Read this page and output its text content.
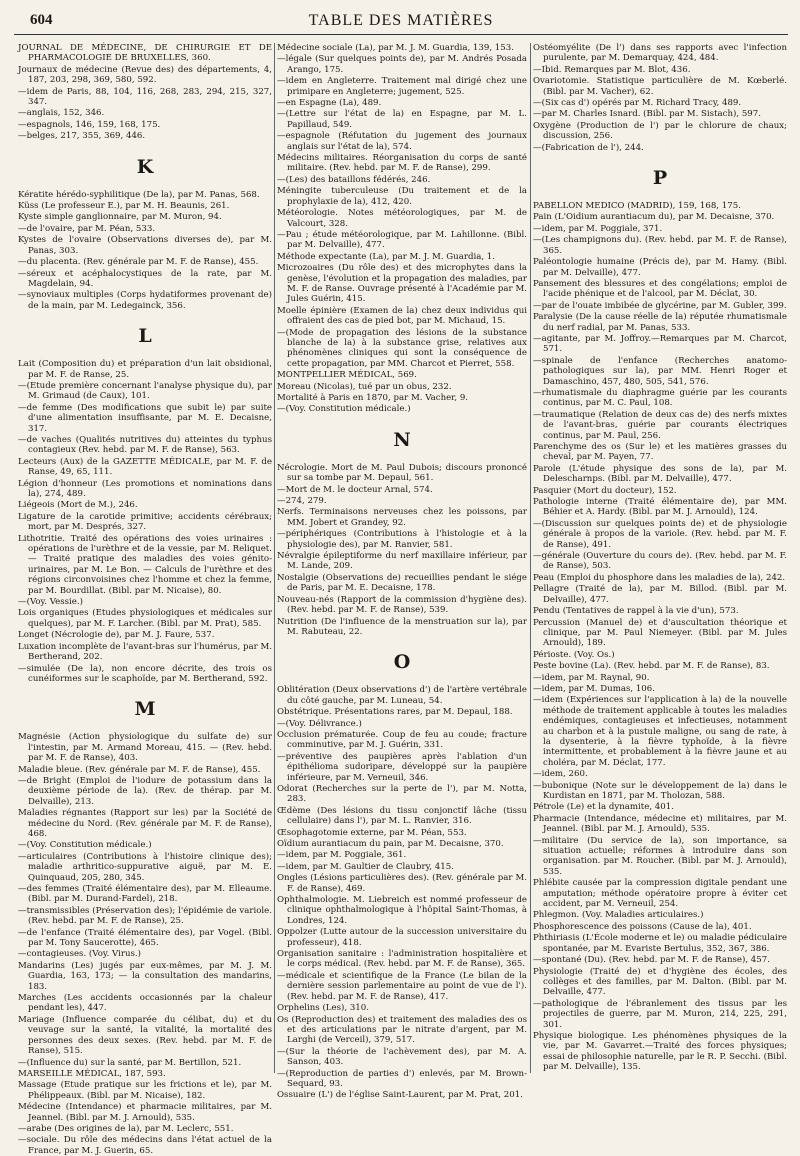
604	TABLE DES MATIÈRES
JOURNAL DE MÉDECINE, DE CHIRURGIE ET DE PHARMACOLOGIE DE BRUXELLES, 360.
Journaux de médecine (Revue des) des départements, 4, 187, 203, 298, 369, 580, 592.
—idem de Paris, 88, 104, 116, 268, 283, 294, 215, 327, 347.
—anglais, 152, 346.
—espagnols, 146, 159, 168, 175.
—belges, 217, 355, 369, 446.
K
Kératite hérédo-syphilitique (De la), par M. Panas, 568.
Küss (Le professeur E.), par M. H. Beaunis, 261.
Kyste simple ganglionnaire, par M. Muron, 94.
—de l'ovaire, par M. Péan, 533.
Kystes de l'ovaire (Observations diverses de), par M. Panas, 303.
—du placenta. (Rev. générale par M. F. de Ranse), 455.
—séreux et acéphalocystiques de la rate, par M. Magdelain, 94.
—synoviaux multiples (Corps hydatiformes provenant de) de la main, par M. Ledegainck, 356.
L
Lait (Composition du) et préparation d'un lait obsidional, par M. F. de Ranse, 25.
—(Etude première concernant l'analyse physique du), par M. Grimaud (de Caux), 101.
—de femme (Des modifications que subit le) par suite d'une alimentation insuffisante, par M. E. Decaisne, 317.
—de vaches (Qualités nutritives du) atteintes du typhus contagieux (Rev. hebd. par M. F. de Ranse), 563.
Lecteurs (Aux) de la GAZETTE MÉDICALE, par M. F. de Ranse, 49, 65, 111.
Légion d'honneur (Les promotions et nominations dans la), 274, 489.
Liégeois (Mort de M.), 246.
Ligature de la carotide primitive; accidents cérébraux; mort, par M. Després, 327.
Lithotritie. Traité des opérations des voies urinaires : opérations de l'urèthre et de la vessie, par M. Reliquet. — Traité pratique des maladies des voies génito-urinaires, par M. Le Bon. — Calculs de l'urèthre et des régions circonvoisines chez l'homme et chez la femme, par M. Bourdillat. (Bibl. par M. Nicaise), 80.
—(Voy. Vessie.)
Lois organiques (Etudes physiologiques et médicales sur quelques), par M. F. Larcher. (Bibl. par M. Prat), 585.
Longet (Nécrologie de), par M. J. Faure, 537.
Luxation incomplète de l'avant-bras sur l'humérus, par M. Bertherand, 202.
—simulée (De la), non encore décrite, des trois os cunéiformes sur le scaphoïde, par M. Bertherand, 592.
M
Magnésie (Action physiologique du sulfate de) sur l'intestin, par M. Armand Moreau, 415. — (Rev. hebd. par M. F. de Ranse), 403.
Maladie bleue. (Rev. générale par M. F. de Ranse), 455.
—de Bright (Emploi de l'iodure de potassium dans la deuxième période de la). (Rev. de thérap. par M. Delvaille), 213.
Maladies régnantes (Rapport sur les) par la Société de médecine du Nord. (Rev. générale par M. F. de Ranse), 468.
—(Voy. Constitution médicale.)
—articulaires (Contributions à l'histoire clinique des); maladie arthritico-suppurative aiguë, par M. E. Quinquaud, 205, 280, 345.
—des femmes (Traité élémentaire des), par M. Elleaume. (Bibl. par M. Durand-Fardel), 218.
—transmissibles (Préservation des); l'épidémie de variole. (Rev. hebd. par M. F. de Ranse), 25.
—de l'enfance (Traité élémentaire des), par Vogel. (Bibl. par M. Tony Saucerotte), 465.
—contagieuses. (Voy. Virus.)
Mandarins (Les) jugés par eux-mêmes, par M. J. M. Guardia, 163, 173; — la consultation des mandarins, 183.
Marches (Les accidents occasionnés par la chaleur pendant les), 447.
Mariage (Influence comparée du célibat, du) et du veuvage sur la santé, la vitalité, la mortalité des personnes des deux sexes. (Rev. hebd. par M. F. de Ranse), 515.
—(Influence du) sur la santé, par M. Bertillon, 521.
MARSEILLE MÉDICAL, 187, 593.
Massage (Etude pratique sur les frictions et le), par M. Phélippeaux. (Bibl. par M. Nicaise), 182.
Médecine (Intendance) et pharmacie militaires, par M. Jeannel. (Bibl. par M. J. Arnould), 535.
—arabe (Des origines de la), par M. Leclerc, 551.
—sociale. Du rôle des médecins dans l'état actuel de la France, par M. J. Guerin, 65.
Médecine sociale (La), par M. J. M. Guardia, 139, 153.
—légale (Sur quelques points de), par M. Andrés Posada Arango, 175.
—idem en Angleterre. Traitement mal dirigé chez une primipare en Angleterre; jugement, 525.
—en Espagne (La), 489.
—(Lettre sur l'état de la) en Espagne, par M. L. Papillaud, 549.
—espagnole (Réfutation du jugement des journaux anglais sur l'état de la), 574.
Médecins militaires. Réorganisation du corps de santé militaire. (Rev. hebd. par M. F. de Ranse), 299.
—(Les) des bataillons fédérés, 246.
Méningite tuberculeuse (Du traitement et de la prophylaxie de la), 412, 420.
Météorologie. Notes météorologiques, par M. de Valcourt, 328.
—Pau ; étude météorologique, par M. Lahillonne. (Bibl. par M. Delvaille), 477.
Méthode expectante (La), par M. J. M. Guardia, 1.
Microzoaires (Du rôle des) et des microphytes dans la genèse, l'évolution et la propagation des maladies, par M. F. de Ranse. Ouvrage présenté à l'Académie par M. Jules Guérin, 415.
Moelle épinière (Examen de la) chez deux individus qui offraient des cas de pied bot, par M. Michaud, 15.
—(Mode de propagation des lésions de la substance blanche de la) à la substance grise, relatives aux phénomènes cliniques qui sont la conséquence de cette propagation, par MM. Charcot et Pierret, 558.
MONTPELLIER MÉDICAL, 569.
Moreau (Nicolas), tué par un obus, 232.
Mortalité à Paris en 1870, par M. Vacher, 9.
—(Voy. Constitution médicale.)
N
Nécrologie. Mort de M. Paul Dubois; discours prononcé sur sa tombe par M. Depaul, 561.
—Mort de M. le docteur Arnal, 574.
—274, 279.
Nerfs. Terminaisons nerveuses chez les poissons, par MM. Jobert et Grandey, 92.
—périphériques (Contributions à l'histologie et à la physiologie des), par M. Ranvier, 581.
Névralgie épileptiforme du nerf maxillaire inférieur, par M. Lande, 209.
Nostalgie (Observations de) recueillies pendant le siége de Paris, par M. E. Decaisne, 178.
Nouveau-nés (Rapport de la commission d'hygiène des). (Rev. hebd. par M. F. de Ranse), 539.
Nutrition (De l'influence de la menstruation sur la), par M. Rabuteau, 22.
O
Oblitération (Deux observations d') de l'artère vertébrale du côté gauche, par M. Luneau, 54.
Obstétrique. Présentations rares, par M. Depaul, 188.
—(Voy. Délivrance.)
Occlusion prématurée. Coup de feu au coude; fracture comminutive, par M. J. Guérin, 331.
—préventive des paupières après l'ablation d'un épithélioma sudoripare, développé sur la paupière inférieure, par M. Verneuil, 346.
Odorat (Recherches sur la perte de l'), par M. Notta, 283.
Œdème (Des lésions du tissu conjonctif lâche (tissu cellulaire) dans l'), par M. L. Ranvier, 316.
Œsophagotomie externe, par M. Péan, 553.
Oïdium aurantiacum du pain, par M. Decaisne, 370.
—idem, par M. Poggiale, 361.
—idem, par M. Gaultier de Claubry, 415.
Ongles (Lésions particulières des). (Rev. générale par M. F. de Ranse), 469.
Ophthalmologie. M. Liebreich est nommé professeur de clinique ophthalmologique à l'hôpital Saint-Thomas, à Londres, 124.
Oppolzer (Lutte autour de la succession universitaire du professeur), 418.
Organisation sanitaire : l'administration hospitalière et le corps médical. (Rev. hebd. par M. F. de Ranse), 365.
—médicale et scientifique de la France (Le bilan de la dernière session parlementaire au point de vue de l'). (Rev. hebd. par M. F. de Ranse), 417.
Orphelins (Les), 310.
Os (Reproduction des) et traitement des maladies des os et des articulations par le nitrate d'argent, par M. Larghi (de Verceil), 379, 517.
—(Sur la théorie de l'achèvement des), par M. A. Sanson, 403.
—(Reproduction de parties d') enlevés, par M. Brown-Sequard, 93.
Ossuaire (L') de l'église Saint-Laurent, par M. Prat, 201.
Ostéomyélite (De l') dans ses rapports avec l'infection purulente, par M. Demarquay, 424, 484.
—Ibid. Remarques par M. Blot, 436.
Ovariotomie. Statistique particulière de M. Kœberlé. (Bibl. par M. Vacher), 62.
—(Six cas d') opérés par M. Richard Tracy, 489.
—par M. Charles Isnard. (Bibl. par M. Sistach), 597.
Oxygène (Production de l') par le chlorure de chaux; discussion, 256.
—(Fabrication de l'), 244.
P
PABELLON MEDICO (MADRID), 159, 168, 175.
Pain (L'Oidium aurantiacum du), par M. Decaisne, 370.
—idem, par M. Poggiale, 371.
—(Les champignons du). (Rev. hebd. par M. F. de Ranse), 365.
Paléontologie humaine (Précis de), par M. Hamy. (Bibl. par M. Delvaille), 477.
Pansement des blessures et des congélations; emploi de l'acide phénique et de l'alcool, par M. Déclat, 30.
—par de l'ouate imbibée de glycérine, par M. Gubler, 399.
Paralysie (De la cause réelle de la) réputée rhumatismale du nerf radial, par M. Panas, 533.
—agitante, par M. Joffroy.—Remarques par M. Charcot, 571.
—spinale de l'enfance (Recherches anatomo-pathologiques sur la), par MM. Henri Roger et Damaschino, 457, 480, 505, 541, 576.
—rhumatismale du diaphragme guérie par les courants continus, par M. C. Paul, 108.
—traumatique (Relation de deux cas de) des nerfs mixtes de l'avant-bras, guérie par courants électriques continus, par M. Paul, 256.
Parenchyme des os (Sur le) et les matières grasses du cheval, par M. Payen, 77.
Parole (L'étude physique des sons de la), par M. Delescharnps. (Bibl. par M. Delvaille), 477.
Pasquier (Mort du docteur), 152.
Pathologie interne (Traité élémentaire de), par MM. Béhier et A. Hardy. (Bibl. par M. J. Arnould), 124.
—(Discussion sur quelques points de) et de physiologie générale à propos de la variole. (Rev. hebd. par M. F. de Ranse), 491.
—générale (Ouverture du cours de). (Rev. hebd. par M. F. de Ranse), 503.
Peau (Emploi du phosphore dans les maladies de la), 242.
Pellagre (Traité de la), par M. Billod. (Bibl. par M. Delvaille), 477.
Pendu (Tentatives de rappel à la vie d'un), 573.
Percussion (Manuel de) et d'auscultation théorique et clinique, par M. Paul Niemeyer. (Bibl. par M. Jules Arnould), 189.
Périoste. (Voy. Os.)
Peste bovine (La). (Rev. hebd. par M. F. de Ranse), 83.
—idem, par M. Raynal, 90.
—idem, par M. Dumas, 106.
—idem (Expériences sur l'application à la) de la nouvelle méthode de traitement applicable à toutes les maladies endémiques, contagieuses et infectieuses, notamment au charbon et à la pustule maligne, ou sang de rate, à la dysenterie, à la fièvre typhoïde, à la fièvre intermittente, et probablement à la fièvre jaune et au choléra, par M. Déclat, 177.
—idem, 260.
—bubonique (Note sur le développement de la) dans le Kurdistan en 1871, par M. Tholozan, 588.
Pétrole (Le) et la dynamite, 401.
Pharmacie (Intendance, médecine et) militaires, par M. Jeannel. (Bibl. par M. J. Arnould), 535.
—militaire (Du service de la), son importance, sa situation actuelle; réformes à introduire dans son organisation. par M. Roucher. (Bibl. par M. J. Arnould), 535.
Phlébite causée par la compression digitale pendant une amputation; méthode opératoire propre à éviter cet accident, par M. Verneuil, 254.
Phlegmon. (Voy. Maladies articulaires.)
Phosphorescence des poissons (Cause de la), 401.
Phthiriasis (L'École moderne et le) ou maladie pédiculaire spontanée, par M. Evariste Bertulus, 352, 367, 386.
—spontané (Du). (Rev. hebd. par M. F. de Ranse), 457.
Physiologie (Traité de) et d'hygiène des écoles, des collèges et des familles, par M. Dalton. (Bibl. par M. Delvaille, 477.
—pathologique de l'ébranlement des tissus par les projectiles de guerre, par M. Muron, 214, 225, 291, 301.
Physique biologique. Les phénomènes physiques de la vie, par M. Gavarret.—Traité des forces physiques; essai de philosophie naturelle, par le R. P. Secchi. (Bibl. par M. Delvaille), 135.
